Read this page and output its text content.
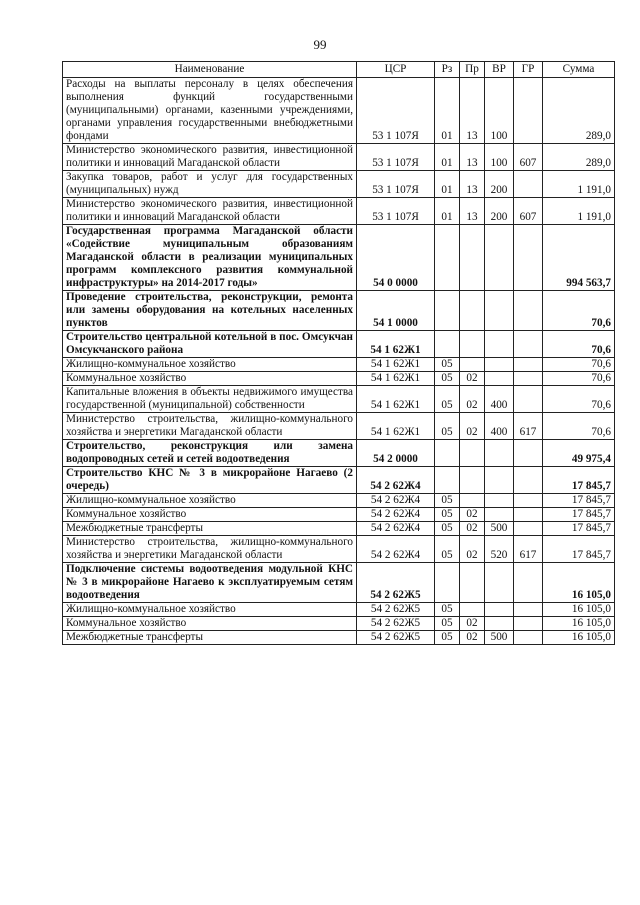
99
Наименование	ЦСР	Рз	Пр	ВР	ГР	Сумма
Расходы на выплаты персоналу в целях обеспечения выполнения функций государственными (муниципальными) органами, казенными учреждениями, органами управления государственными внебюджетными фондами	53 1 107Я	01	13	100		289,0
Министерство экономического развития, инвестиционной политики и инноваций Магаданской области	53 1 107Я	01	13	100	607	289,0
Закупка товаров, работ и услуг для государственных (муниципальных) нужд	53 1 107Я	01	13	200		1 191,0
Министерство экономического развития, инвестиционной политики и инноваций Магаданской области	53 1 107Я	01	13	200	607	1 191,0
Государственная программа Магаданской области «Содействие муниципальным образованиям Магаданской области в реализации муниципальных программ комплексного развития коммунальной инфраструктуры» на 2014-2017 годы»	54 0 0000					994 563,7
Проведение строительства, реконструкции, ремонта или замены оборудования на котельных населенных пунктов	54 1 0000					70,6
Строительство центральной котельной в пос. Омсукчан Омсукчанского района	54 1 62Ж1					70,6
Жилищно-коммунальное хозяйство	54 1 62Ж1	05				70,6
Коммунальное хозяйство	54 1 62Ж1	05	02			70,6
Капитальные вложения в объекты недвижимого имущества государственной (муниципальной) собственности	54 1 62Ж1	05	02	400		70,6
Министерство строительства, жилищно-коммунального хозяйства и энергетики Магаданской области	54 1 62Ж1	05	02	400	617	70,6
Строительство, реконструкция или замена водопроводных сетей и сетей водоотведения	54 2 0000					49 975,4
Строительство КНС № 3 в микрорайоне Нагаево (2 очередь)	54 2 62Ж4					17 845,7
Жилищно-коммунальное хозяйство	54 2 62Ж4	05				17 845,7
Коммунальное хозяйство	54 2 62Ж4	05	02			17 845,7
Межбюджетные трансферты	54 2 62Ж4	05	02	500		17 845,7
Министерство строительства, жилищно-коммунального хозяйства и энергетики Магаданской области	54 2 62Ж4	05	02	520	617	17 845,7
Подключение системы водоотведения модульной КНС № 3 в микрорайоне Нагаево к эксплуатируемым сетям водоотведения	54 2 62Ж5					16 105,0
Жилищно-коммунальное хозяйство	54 2 62Ж5	05				16 105,0
Коммунальное хозяйство	54 2 62Ж5	05	02			16 105,0
Межбюджетные трансферты	54 2 62Ж5	05	02	500		16 105,0
